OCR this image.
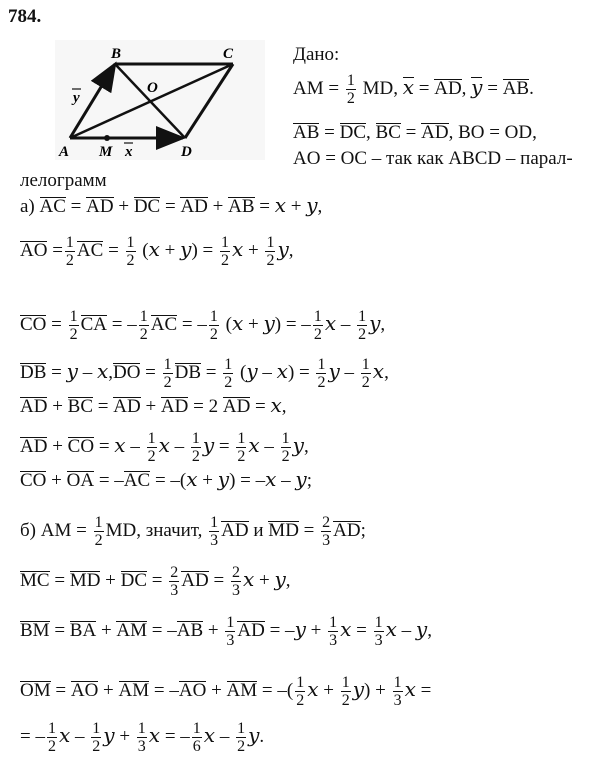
784.
A
B	C
D
O
M x
y
Дано:
AM = $\frac{1}{2}$ MD, x = AD, y = AB.
AB = DC, BC = AD, BO = OD,
AO = OC – так как ABCD – парал-
лелограмм
а) AC = AD + DC = AD + AB = x + y,
AO = $\frac{1}{2}$ AC = $\frac{1}{2} (x + y) = \frac{1}{2}$ $x + \frac{1}{2} y$,
CO = $\frac{1}{2}$ CA = – $\frac{1}{2}$ AC = – $\frac{1}{2} (x + y)$ = – $\frac{1}{2}$ x – $\frac{1}{2} y$,
DB = $y - x,DO = \frac{1}{2}$ DB = $\frac{1}{2} (y - x) = \frac{1}{2}$ y – $\frac{1}{2} x$,
AD + BC = AD + AD = 2 AD = x,
AD + CO = x – $\frac{1}{2}$ x – $\frac{1}{2}$ $y = \frac{1}{2}$ x – $\frac{1}{2} y$,
CO + OA = –AC = –(x + y) = –x – y;
б) AM = $\frac{1}{2}$ MD, значит, $\frac{1}{3}$ AD и MD = $\frac{2}{3}$ AD;
MC = MD + DC = $\frac{2}{3}$ AD = $\frac{2}{3}$ x + y,
BM = BA + AM = $-AB + \frac{1}{3}$ AD = $-y + \frac{1}{3}$ $x = \frac{1}{3}$ x – y,
OM = AO + AM = –AO + AM = –( $\frac{1}{2}$ $x + \frac{1}{2} y) + \frac{1}{3}$ x =
= – $\frac{1}{2}$ x – $\frac{1}{2}$ $y + \frac{1}{3}$ x = – $\frac{1}{6}$ x – $\frac{1}{2} y$.
